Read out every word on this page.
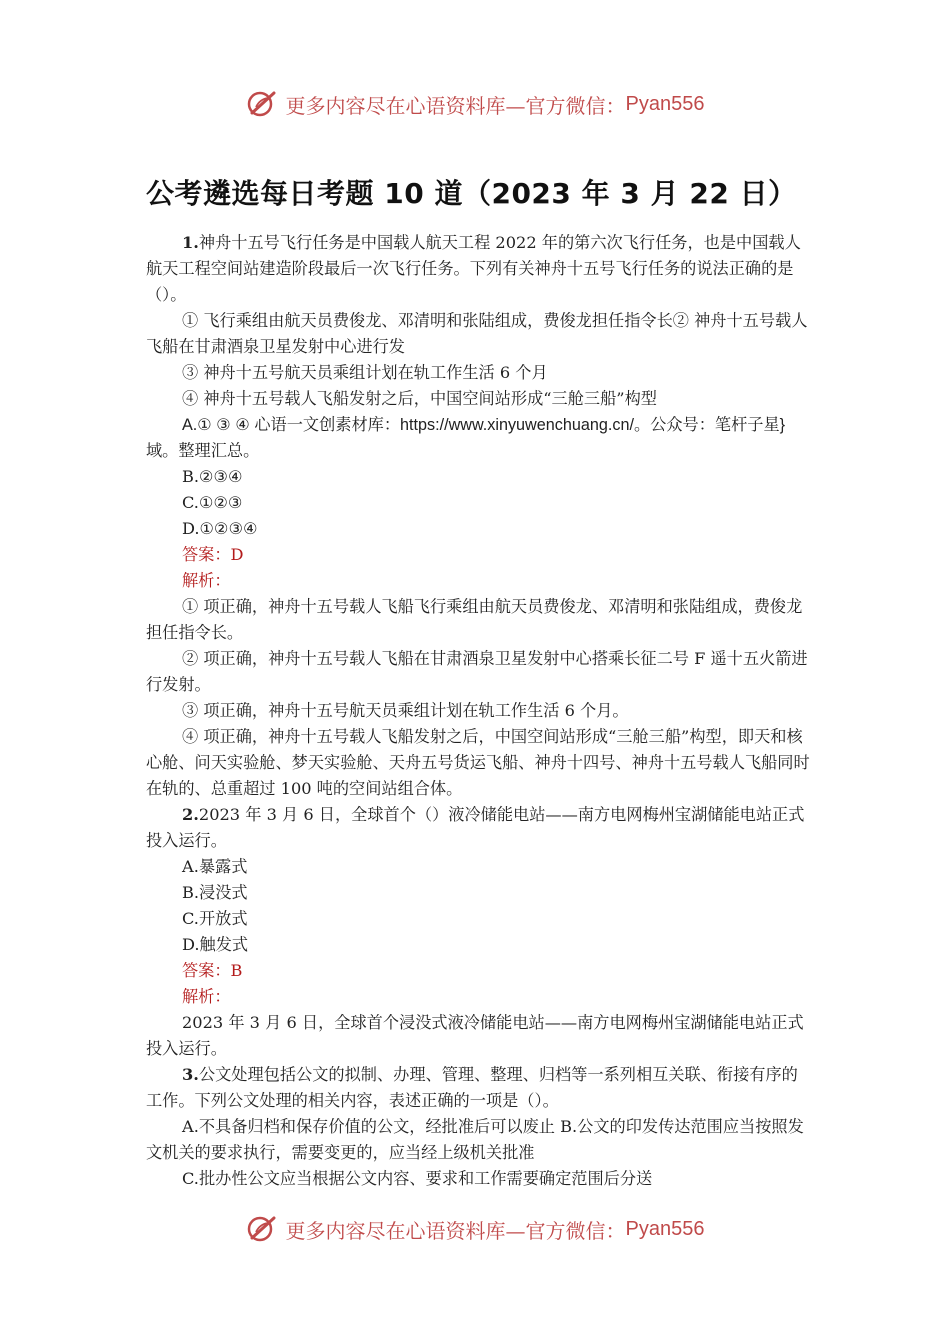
更多内容尽在心语资料库—官方微信： Pyan556
公考遴选每日考题 10 道（2023 年 3 月 22 日）

1.神舟十五号飞行任务是中国载人航天工程 2022 年的第六次飞行任务，也是中国载人航天工程空间站建造阶段最后一次飞行任务。下列有关神舟十五号飞行任务的说法正确的是（）。

① 飞行乘组由航天员费俊龙、邓清明和张陆组成，费俊龙担任指令长② 神舟十五号载人飞船在甘肃酒泉卫星发射中心进行发

③ 神舟十五号航天员乘组计划在轨工作生活 6 个月

④ 神舟十五号载人飞船发射之后，中国空间站形成“三舱三船”构型

A.① ③ ④ 心语一文创素材库：https://www.xinyuwenchuang.cn/。公众号：笔杆子星}域。整理汇总。

B.②③④

C.①②③

D.①②③④

答案：D

解析：

① 项正确，神舟十五号载人飞船飞行乘组由航天员费俊龙、邓清明和张陆组成，费俊龙担任指令长。

② 项正确，神舟十五号载人飞船在甘肃酒泉卫星发射中心搭乘长征二号 F 遥十五火箭进行发射。

③ 项正确，神舟十五号航天员乘组计划在轨工作生活 6 个月。

④ 项正确，神舟十五号载人飞船发射之后，中国空间站形成“三舱三船”构型，即天和核心舱、问天实验舱、梦天实验舱、天舟五号货运飞船、神舟十四号、神舟十五号载人飞船同时在轨的、总重超过 100 吨的空间站组合体。

2.2023 年 3 月 6 日，全球首个（）液冷储能电站——南方电网梅州宝湖储能电站正式投入运行。

A.暴露式

B.浸没式

C.开放式

D.触发式

答案：B

解析：

2023 年 3 月 6 日，全球首个浸没式液冷储能电站——南方电网梅州宝湖储能电站正式投入运行。

3.公文处理包括公文的拟制、办理、管理、整理、归档等一系列相互关联、衔接有序的工作。下列公文处理的相关内容，表述正确的一项是（）。

A.不具备归档和保存价值的公文，经批准后可以废止 B.公文的印发传达范围应当按照发文机关的要求执行，需要变更的，应当经上级机关批准

C.批办性公文应当根据公文内容、要求和工作需要确定范围后分送

更多内容尽在心语资料库—官方微信： Pyan556
